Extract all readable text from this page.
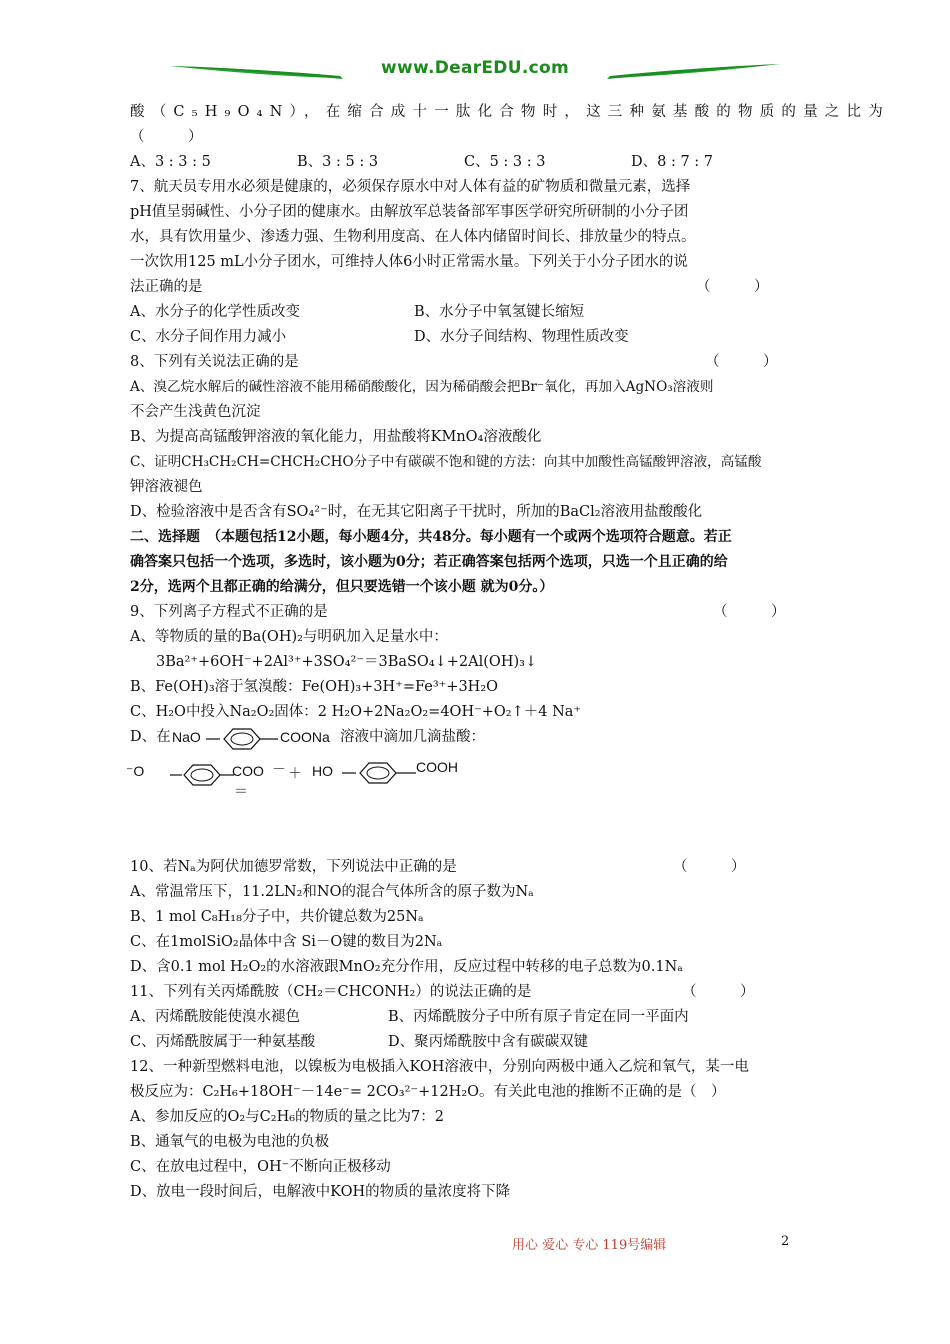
www.DearEDU.com
酸（C₅H₉O₄N），在缩合成十一肽化合物时，这三种氨基酸的物质的量之比为
（　　　）
A、3 : 3 : 5	B、3 : 5 : 3	C、5 : 3 : 3	D、8 : 7 : 7
7、航天员专用水必须是健康的，必须保存原水中对人体有益的矿物质和微量元素，选择
pH值呈弱碱性、小分子团的健康水。由解放军总装备部军事医学研究所研制的小分子团
水，具有饮用量少、渗透力强、生物利用度高、在人体内储留时间长、排放量少的特点。
一次饮用125 mL小分子团水，可维持人体6小时正常需水量。下列关于小分子团水的说
法正确的是	（　　　）
A、水分子的化学性质改变	B、水分子中氧氢键长缩短
C、水分子间作用力减小	D、水分子间结构、物理性质改变
8、下列有关说法正确的是	（　　　）
A、溴乙烷水解后的碱性溶液不能用稀硝酸酸化，因为稀硝酸会把Br⁻氧化，再加入AgNO₃溶液则
不会产生浅黄色沉淀
B、为提高高锰酸钾溶液的氧化能力，用盐酸将KMnO₄溶液酸化
C、证明CH₃CH₂CH=CHCH₂CHO分子中有碳碳不饱和键的方法：向其中加酸性高锰酸钾溶液，高锰酸
钾溶液褪色
D、检验溶液中是否含有SO₄²⁻时，在无其它阳离子干扰时，所加的BaCl₂溶液用盐酸酸化
二、选择题　（本题包括12小题，每小题4分，共48分。每小题有一个或两个选项符合题意。若正
确答案只包括一个选项，多选时，该小题为0分；若正确答案包括两个选项，只选一个且正确的给
2分，选两个且都正确的给满分，但只要选错一个该小题 就为0分。）
9、下列离子方程式不正确的是	（　　　）
A、等物质的量的Ba(OH)₂与明矾加入足量水中：
3Ba²⁺+6OH⁻+2Al³⁺+3SO₄²⁻＝3BaSO₄↓+2Al(OH)₃↓
B、Fe(OH)₃溶于氢溴酸：Fe(OH)₃+3H⁺=Fe³⁺+3H₂O
C、H₂O中投入Na₂O₂固体：2 H₂O+2Na₂O₂=4OH⁻+O₂↑＋4 Na⁺
D、在 NaO	COONa 溶液中滴加几滴盐酸：
⁻O	COO
＝
－ ＋ HO	COOH
10、若Nₐ为阿伏加德罗常数，下列说法中正确的是	（　　　）
A、常温常压下，11.2LN₂和NO的混合气体所含的原子数为Nₐ
B、1 mol C₈H₁₈分子中，共价键总数为25Nₐ
C、在1molSiO₂晶体中含 Si－O键的数目为2Nₐ
D、含0.1 mol H₂O₂的水溶液跟MnO₂充分作用，反应过程中转移的电子总数为0.1Nₐ
11、下列有关丙烯酰胺（CH₂＝CHCONH₂）的说法正确的是	（　　　）
A、丙烯酰胺能使溴水褪色	B、丙烯酰胺分子中所有原子肯定在同一平面内
C、丙烯酰胺属于一种氨基酸	D、聚丙烯酰胺中含有碳碳双键
12、一种新型燃料电池，以镍板为电极插入KOH溶液中，分别向两极中通入乙烷和氧气，某一电
极反应为：C₂H₆+18OH⁻－14e⁻= 2CO₃²⁻+12H₂O。有关此电池的推断不正确的是（　）
A、参加反应的O₂与C₂H₆的物质的量之比为7：2
B、通氧气的电极为电池的负极
C、在放电过程中，OH⁻不断向正极移动
D、放电一段时间后，电解液中KOH的物质的量浓度将下降
用心 爱心 专心 119号编辑	2
